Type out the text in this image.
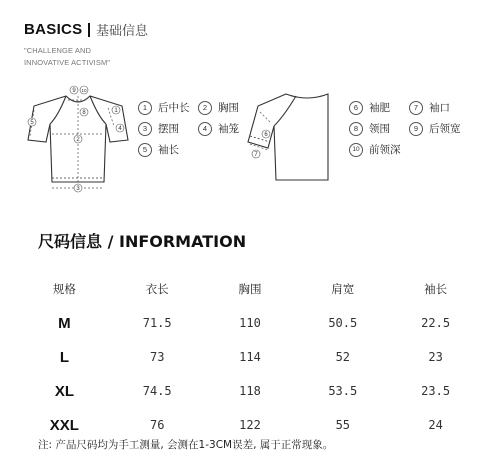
BASICS 基础信息
"CHALLENGE AND
INNOVATIVE ACTIVISM"
9 10
8
2
3
1
4
5
6
7
1	后中长	2	胸围
3	摆围	4	袖笼
5	袖长
6	袖肥	7	袖口
8	领围	9	后领宽
10 前领深
尺码信息 / INFORMATION
规格	衣长	胸围	肩宽	袖长
M	71.5	110	50.5	22.5
L	73	114	52	23
XL	74.5	118	53.5	23.5
XXL	76	122	55	24
注: 产品尺码均为手工测量, 会测在1-3CM误差, 属于正常现象。
